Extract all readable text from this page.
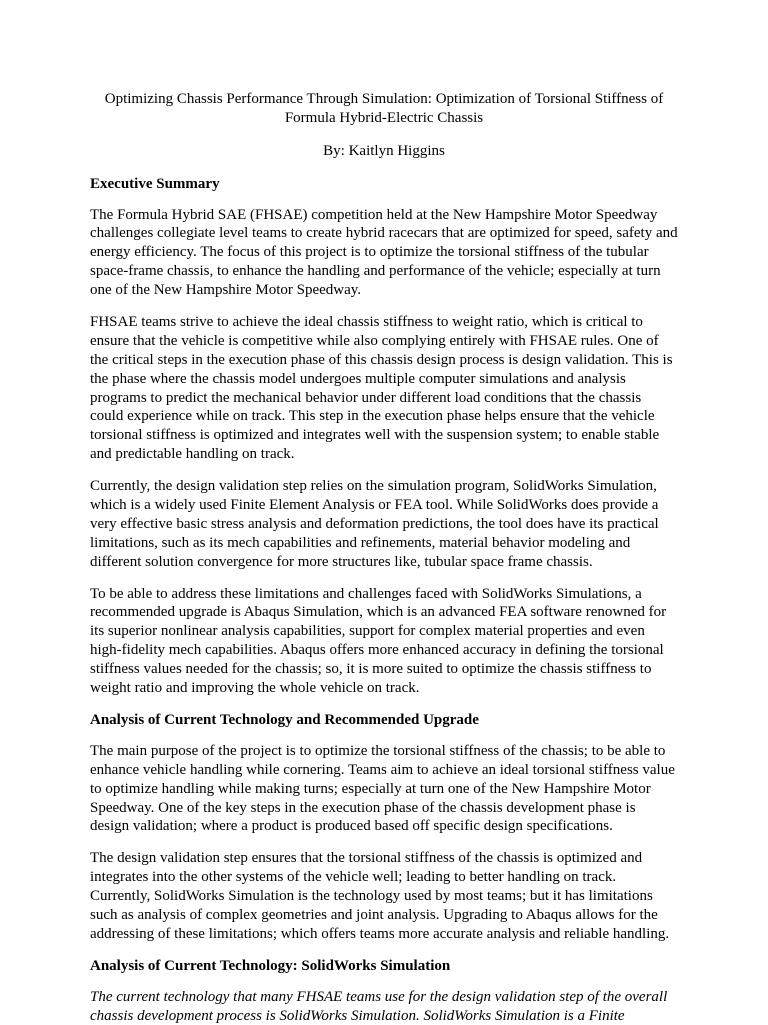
Optimizing Chassis Performance Through Simulation: Optimization of Torsional Stiffness of Formula Hybrid-Electric Chassis
By: Kaitlyn Higgins
Executive Summary

The Formula Hybrid SAE (FHSAE) competition held at the New Hampshire Motor Speedway challenges collegiate level teams to create hybrid racecars that are optimized for speed, safety and energy efficiency. The focus of this project is to optimize the torsional stiffness of the tubular space-frame chassis, to enhance the handling and performance of the vehicle; especially at turn one of the New Hampshire Motor Speedway.

FHSAE teams strive to achieve the ideal chassis stiffness to weight ratio, which is critical to ensure that the vehicle is competitive while also complying entirely with FHSAE rules. One of the critical steps in the execution phase of this chassis design process is design validation. This is the phase where the chassis model undergoes multiple computer simulations and analysis programs to predict the mechanical behavior under different load conditions that the chassis could experience while on track. This step in the execution phase helps ensure that the vehicle torsional stiffness is optimized and integrates well with the suspension system; to enable stable and predictable handling on track.

Currently, the design validation step relies on the simulation program, SolidWorks Simulation, which is a widely used Finite Element Analysis or FEA tool. While SolidWorks does provide a very effective basic stress analysis and deformation predictions, the tool does have its practical limitations, such as its mech capabilities and refinements, material behavior modeling and different solution convergence for more structures like, tubular space frame chassis.

To be able to address these limitations and challenges faced with SolidWorks Simulations, a recommended upgrade is Abaqus Simulation, which is an advanced FEA software renowned for its superior nonlinear analysis capabilities, support for complex material properties and even high-fidelity mech capabilities. Abaqus offers more enhanced accuracy in defining the torsional stiffness values needed for the chassis; so, it is more suited to optimize the chassis stiffness to weight ratio and improving the whole vehicle on track.

Analysis of Current Technology and Recommended Upgrade

The main purpose of the project is to optimize the torsional stiffness of the chassis; to be able to enhance vehicle handling while cornering. Teams aim to achieve an ideal torsional stiffness value to optimize handling while making turns; especially at turn one of the New Hampshire Motor Speedway. One of the key steps in the execution phase of the chassis development phase is design validation; where a product is produced based off specific design specifications.

The design validation step ensures that the torsional stiffness of the chassis is optimized and integrates into the other systems of the vehicle well; leading to better handling on track. Currently, SolidWorks Simulation is the technology used by most teams; but it has limitations such as analysis of complex geometries and joint analysis. Upgrading to Abaqus allows for the addressing of these limitations; which offers teams more accurate analysis and reliable handling.

Analysis of Current Technology: SolidWorks Simulation

The current technology that many FHSAE teams use for the design validation step of the overall chassis development process is SolidWorks Simulation. SolidWorks Simulation is a Finite
